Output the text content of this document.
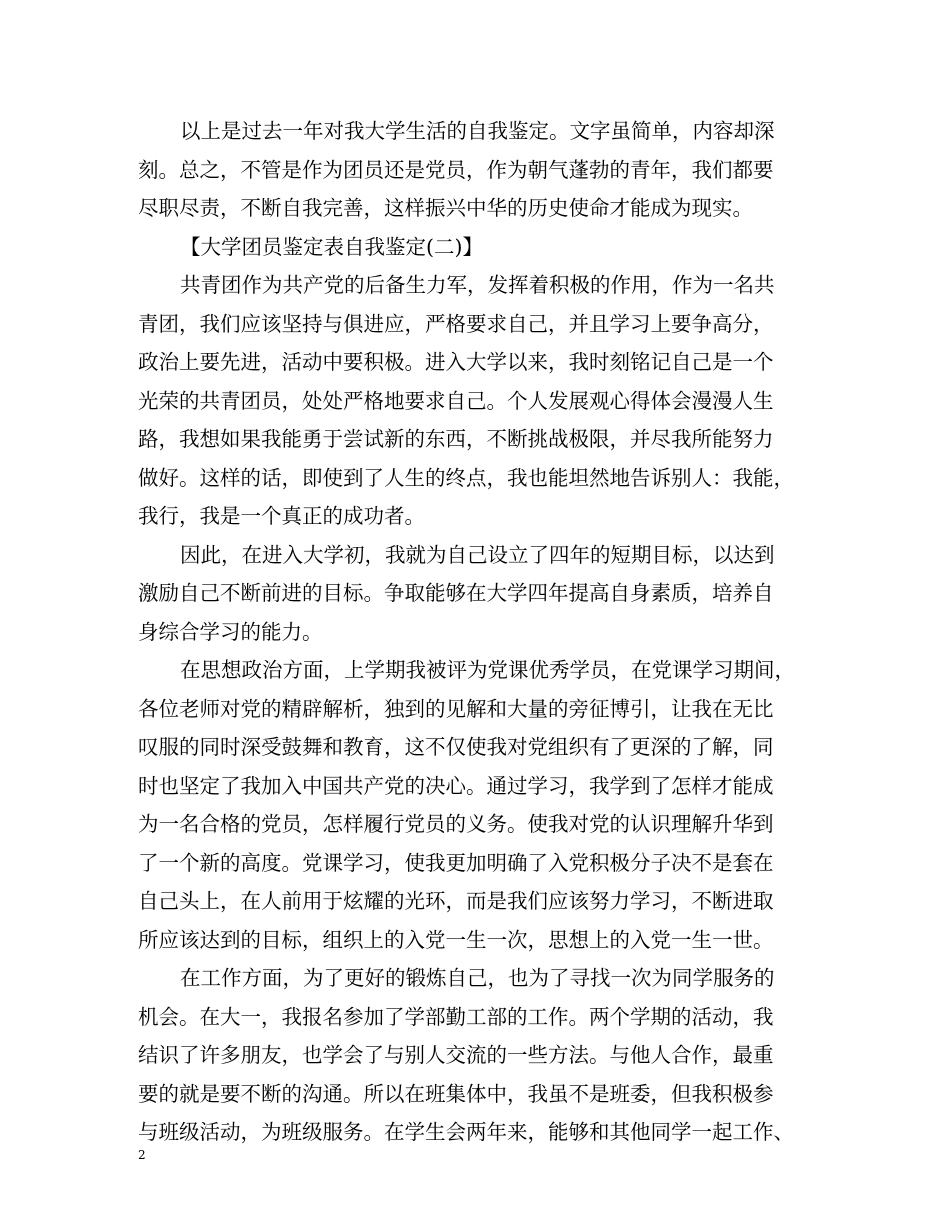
以上是过去一年对我大学生活的自我鉴定。文字虽简单，内容却深
刻。总之，不管是作为团员还是党员，作为朝气蓬勃的青年，我们都要
尽职尽责，不断自我完善，这样振兴中华的历史使命才能成为现实。
【大学团员鉴定表自我鉴定(二)】
共青团作为共产党的后备生力军，发挥着积极的作用，作为一名共
青团，我们应该坚持与俱进应，严格要求自己，并且学习上要争高分，
政治上要先进，活动中要积极。进入大学以来，我时刻铭记自己是一个
光荣的共青团员，处处严格地要求自己。个人发展观心得体会漫漫人生
路，我想如果我能勇于尝试新的东西，不断挑战极限，并尽我所能努力
做好。这样的话，即使到了人生的终点，我也能坦然地告诉别人：我能，
我行，我是一个真正的成功者。
因此，在进入大学初，我就为自己设立了四年的短期目标，以达到
激励自己不断前进的目标。争取能够在大学四年提高自身素质，培养自
身综合学习的能力。
在思想政治方面，上学期我被评为党课优秀学员，在党课学习期间，
各位老师对党的精辟解析，独到的见解和大量的旁征博引，让我在无比
叹服的同时深受鼓舞和教育，这不仅使我对党组织有了更深的了解，同
时也坚定了我加入中国共产党的决心。通过学习，我学到了怎样才能成
为一名合格的党员，怎样履行党员的义务。使我对党的认识理解升华到
了一个新的高度。党课学习，使我更加明确了入党积极分子决不是套在
自己头上，在人前用于炫耀的光环，而是我们应该努力学习，不断进取
所应该达到的目标，组织上的入党一生一次，思想上的入党一生一世。
在工作方面，为了更好的锻炼自己，也为了寻找一次为同学服务的
机会。在大一，我报名参加了学部勤工部的工作。两个学期的活动，我
结识了许多朋友，也学会了与别人交流的一些方法。与他人合作，最重
要的就是要不断的沟通。所以在班集体中，我虽不是班委，但我积极参
与班级活动，为班级服务。在学生会两年来，能够和其他同学一起工作、
2
